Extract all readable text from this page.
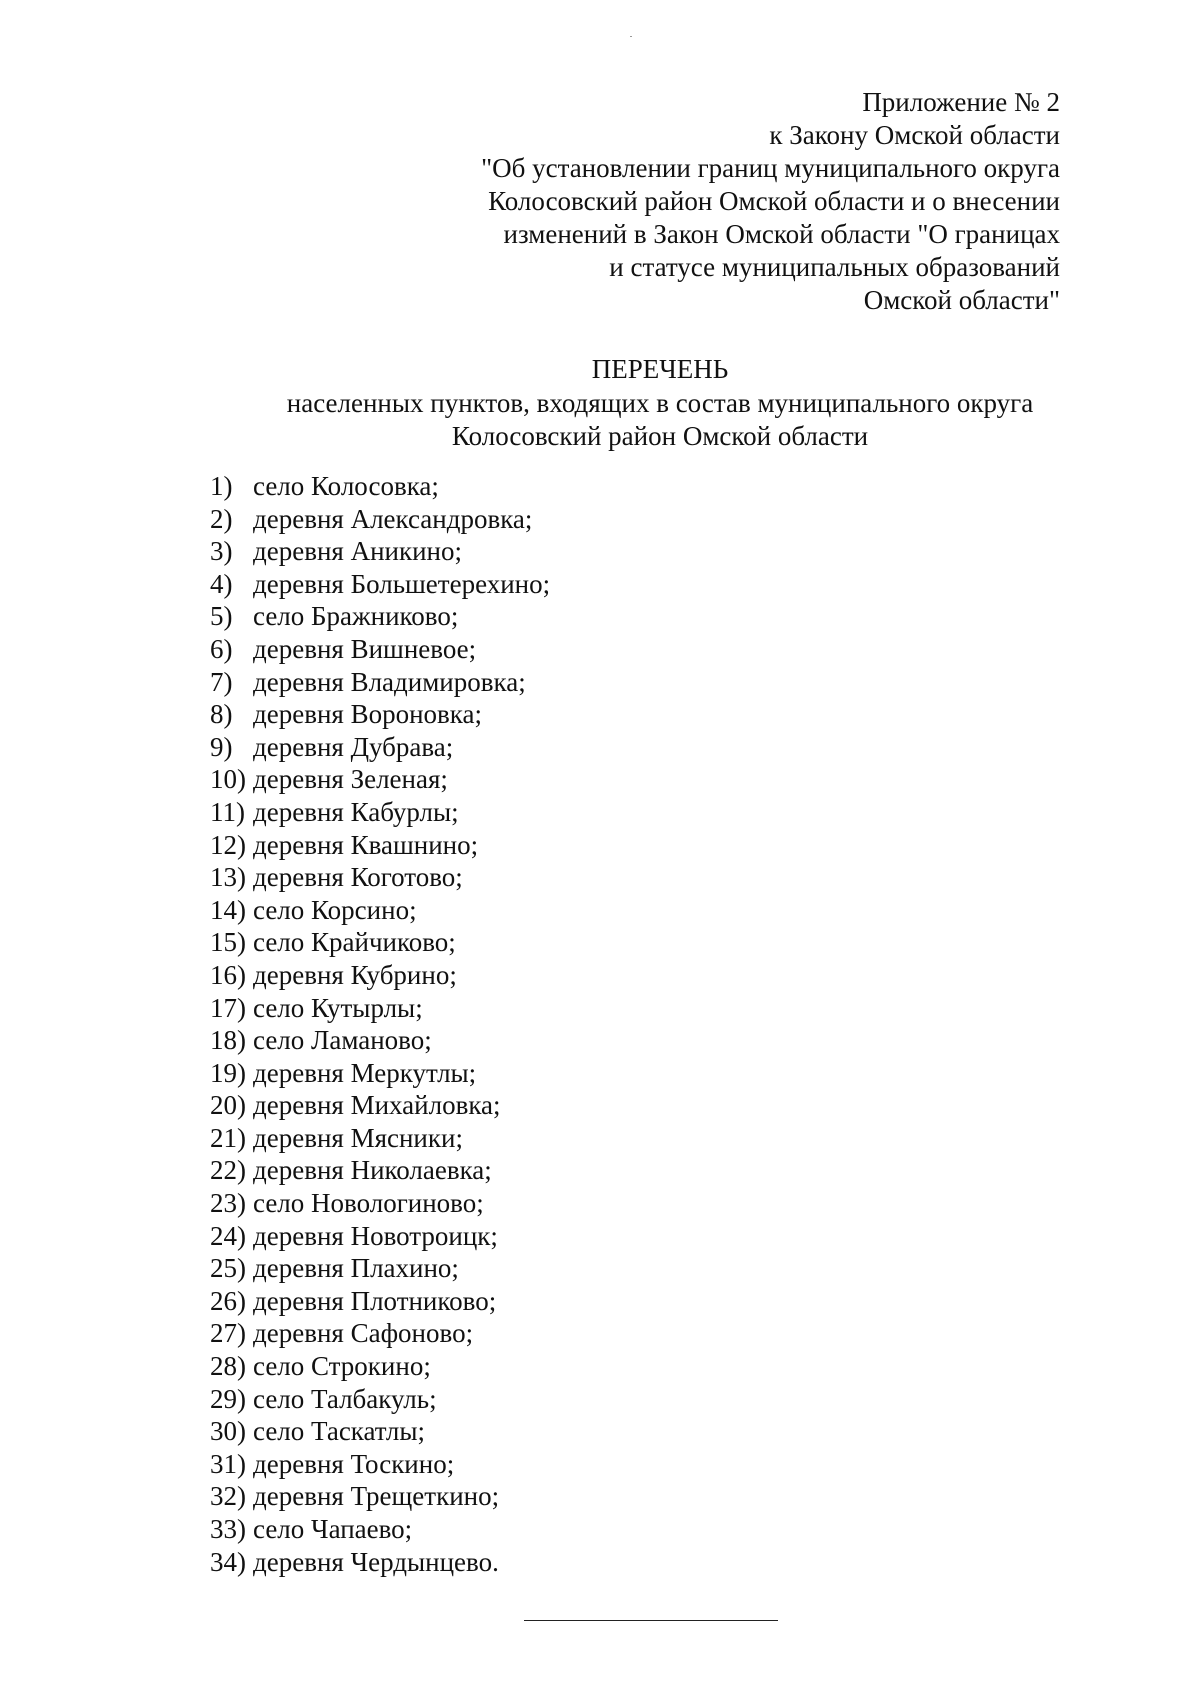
Приложение № 2
к Закону Омской области
"Об установлении границ муниципального округа
Колосовский район Омской области и о внесении
изменений в Закон Омской области "О границах
и статусе муниципальных образований
Омской области"
ПЕРЕЧЕНЬ
населенных пунктов, входящих в состав муниципального округа
Колосовский район Омской области
1) село Колосовка;
2) деревня Александровка;
3) деревня Аникино;
4) деревня Большетерехино;
5) село Бражниково;
6) деревня Вишневое;
7) деревня Владимировка;
8) деревня Вороновка;
9) деревня Дубрава;
10) деревня Зеленая;
11) деревня Кабурлы;
12) деревня Квашнино;
13) деревня Коготово;
14) село Корсино;
15) село Крайчиково;
16) деревня Кубрино;
17) село Кутырлы;
18) село Ламаново;
19) деревня Меркутлы;
20) деревня Михайловка;
21) деревня Мясники;
22) деревня Николаевка;
23) село Новологиново;
24) деревня Новотроицк;
25) деревня Плахино;
26) деревня Плотниково;
27) деревня Сафоново;
28) село Строкино;
29) село Талбакуль;
30) село Таскатлы;
31) деревня Тоскино;
32) деревня Трещеткино;
33) село Чапаево;
34) деревня Чердынцево.
